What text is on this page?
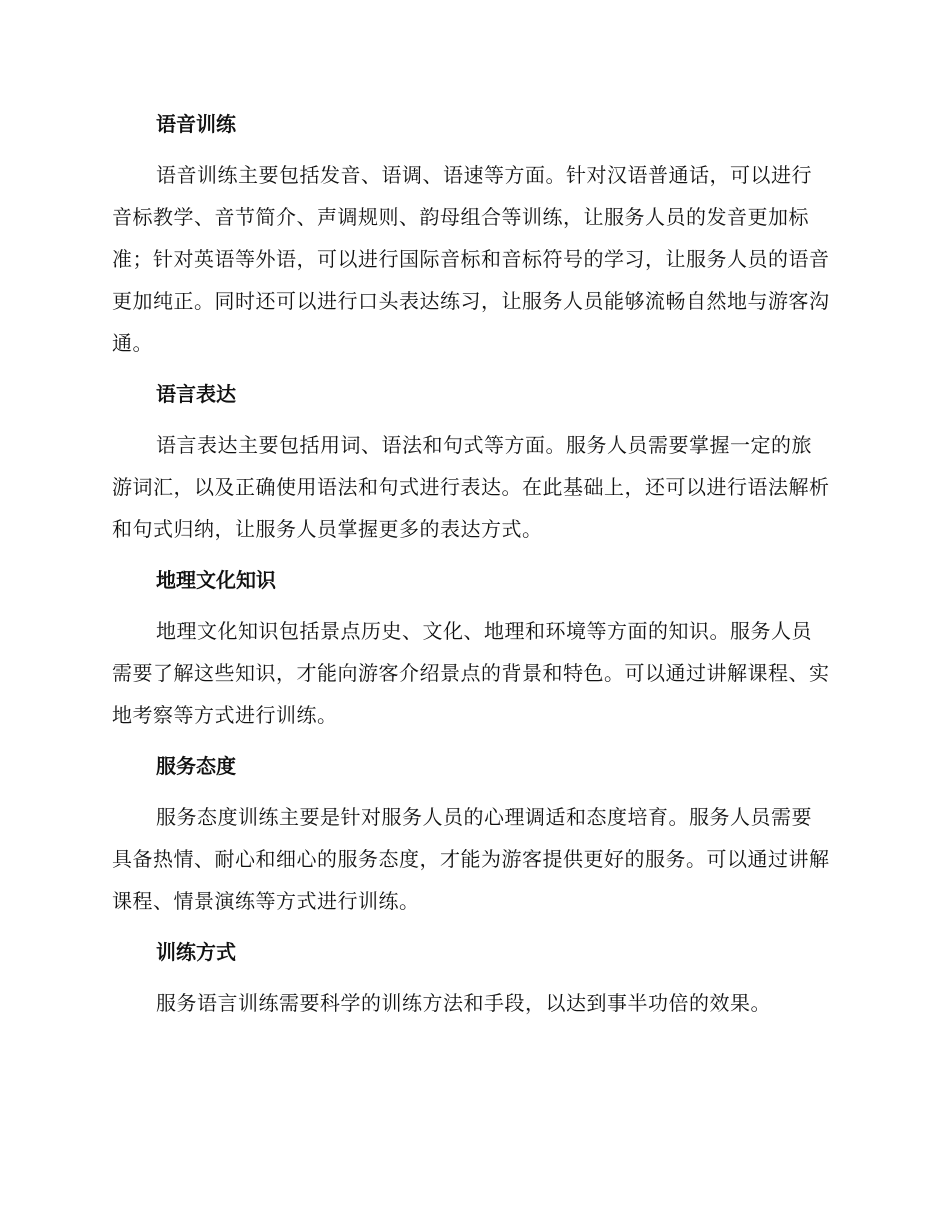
语音训练

语音训练主要包括发音、语调、语速等方面。针对汉语普通话，可以进行音标教学、音节简介、声调规则、韵母组合等训练，让服务人员的发音更加标准；针对英语等外语，可以进行国际音标和音标符号的学习，让服务人员的语音更加纯正。同时还可以进行口头表达练习，让服务人员能够流畅自然地与游客沟通。

语言表达

语言表达主要包括用词、语法和句式等方面。服务人员需要掌握一定的旅游词汇，以及正确使用语法和句式进行表达。在此基础上，还可以进行语法解析和句式归纳，让服务人员掌握更多的表达方式。

地理文化知识

地理文化知识包括景点历史、文化、地理和环境等方面的知识。服务人员需要了解这些知识，才能向游客介绍景点的背景和特色。可以通过讲解课程、实地考察等方式进行训练。

服务态度

服务态度训练主要是针对服务人员的心理调适和态度培育。服务人员需要具备热情、耐心和细心的服务态度，才能为游客提供更好的服务。可以通过讲解课程、情景演练等方式进行训练。

训练方式

服务语言训练需要科学的训练方法和手段，以达到事半功倍的效果。
